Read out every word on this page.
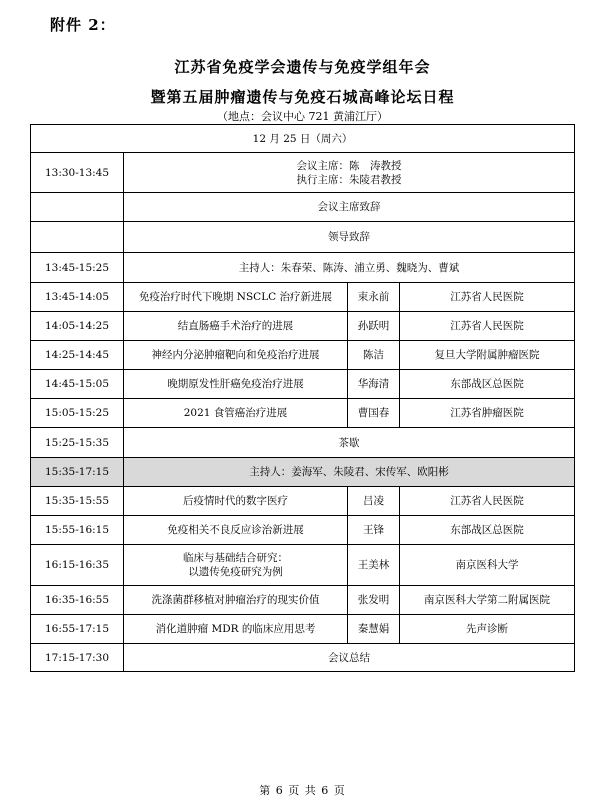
附件 2：
江苏省免疫学会遗传与免疫学组年会
暨第五届肿瘤遗传与免疫石城高峰论坛日程
（地点：会议中心 721 黄浦江厅）
12 月 25 日（周六）			
13:30-13:45	会议主席：陈　涛教授
执行主席：朱陵君教授		

	会议主席致辞		
	领导致辞		
13:45-15:25	主持人：朱春荣、陈涛、浦立勇、魏晓为、曹斌		
13:45-14:05	免疫治疗时代下晚期 NSCLC 治疗新进展	束永前	江苏省人民医院
14:05-14:25	结直肠癌手术治疗的进展	孙跃明	江苏省人民医院
14:25-14:45	神经内分泌肿瘤靶向和免疫治疗进展	陈洁	复旦大学附属肿瘤医院
14:45-15:05	晚期原发性肝癌免疫治疗进展	华海清	东部战区总医院
15:05-15:25	2021 食管癌治疗进展	曹国春	江苏省肿瘤医院
15:25-15:35	茶歇		
15:35-17:15	主持人：姜海军、朱陵君、宋传军、欧阳彬		
15:35-15:55	后疫情时代的数字医疗	吕凌	江苏省人民医院
15:55-16:15	免疫相关不良反应诊治新进展	王锋	东部战区总医院
16:15-16:35	临床与基础结合研究：
以遗传免疫研究为例	王美林	南京医科大学
16:35-16:55	洗涤菌群移植对肿瘤治疗的现实价值	张发明	南京医科大学第二附属医院
16:55-17:15	消化道肿瘤 MDR 的临床应用思考	秦慧娟	先声诊断
17:15-17:30	会议总结		
第 6 页 共 6 页
